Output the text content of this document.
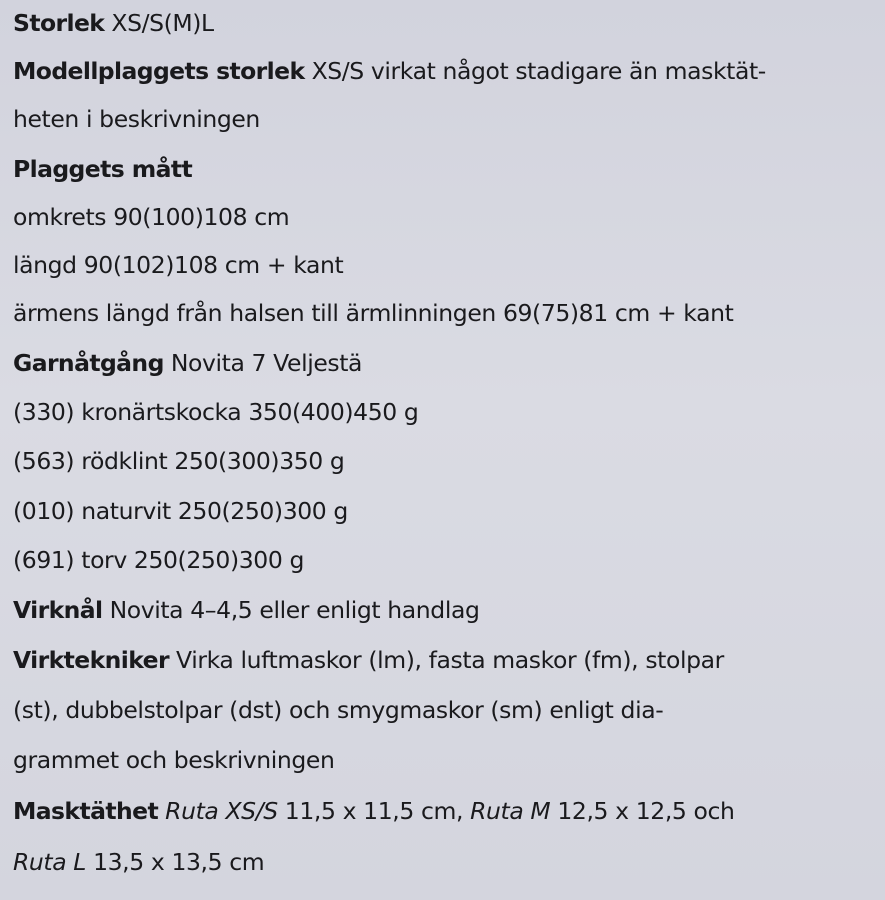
Storlek XS/S(M)L
Modellplaggets storlek XS/S virkat något stadigare än masktät-
heten i beskrivningen
Plaggets mått
omkrets 90(100)108 cm
längd 90(102)108 cm + kant
ärmens längd från halsen till ärmlinningen 69(75)81 cm + kant
Garnåtgång Novita 7 Veljestä
(330) kronärtskocka 350(400)450 g
(563) rödklint 250(300)350 g
(010) naturvit 250(250)300 g
(691) torv 250(250)300 g
Virknål Novita 4–4,5 eller enligt handlag
Virktekniker Virka luftmaskor (lm), fasta maskor (fm), stolpar
(st), dubbelstolpar (dst) och smygmaskor (sm) enligt dia-
grammet och beskrivningen
Masktäthet Ruta XS/S 11,5 x 11,5 cm, Ruta M 12,5 x 12,5 och
Ruta L 13,5 x 13,5 cm
